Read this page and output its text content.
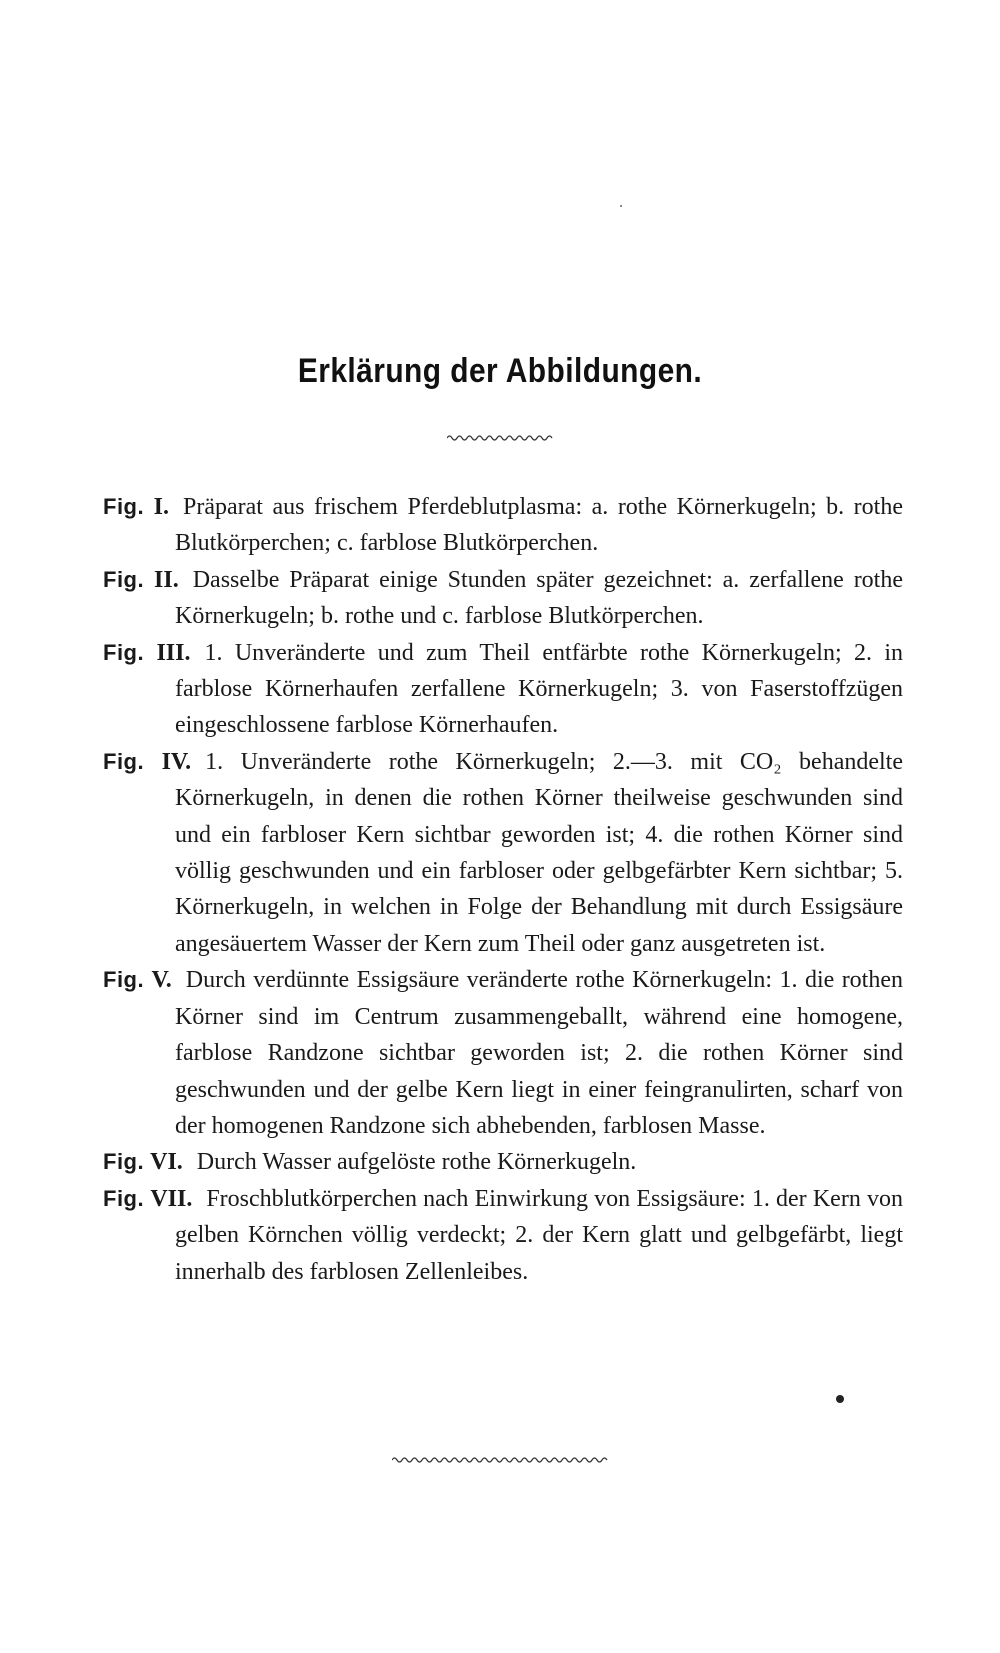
Erklärung der Abbildungen.

Fig. I. Präparat aus frischem Pferdeblutplasma: a. rothe Körnerkugeln; b. rothe Blutkörperchen; c. farblose Blutkörperchen.

Fig. II. Dasselbe Präparat einige Stunden später gezeichnet: a. zerfallene rothe Körnerkugeln; b. rothe und c. farblose Blutkörperchen.

Fig. III. 1. Unveränderte und zum Theil entfärbte rothe Körnerkugeln; 2. in farblose Körnerhaufen zerfallene Körnerkugeln; 3. von Faserstoffzügen eingeschlossene farblose Körnerhaufen.

Fig. IV. 1. Unveränderte rothe Körnerkugeln; 2.—3. mit CO₂ behandelte Körnerkugeln, in denen die rothen Körner theilweise geschwunden sind und ein farbloser Kern sichtbar geworden ist; 4. die rothen Körner sind völlig geschwunden und ein farbloser oder gelbgefärbter Kern sichtbar; 5. Körnerkugeln, in welchen in Folge der Behandlung mit durch Essigsäure angesäuertem Wasser der Kern zum Theil oder ganz ausgetreten ist.

Fig. V. Durch verdünnte Essigsäure veränderte rothe Körnerkugeln: 1. die rothen Körner sind im Centrum zusammengeballt, während eine homogene, farblose Randzone sichtbar geworden ist; 2. die rothen Körner sind geschwunden und der gelbe Kern liegt in einer feingranulirten, scharf von der homogenen Randzone sich abhebenden, farblosen Masse.

Fig. VI. Durch Wasser aufgelöste rothe Körnerkugeln.

Fig. VII. Froschblutkörperchen nach Einwirkung von Essigsäure: 1. der Kern von gelben Körnchen völlig verdeckt; 2. der Kern glatt und gelbgefärbt, liegt innerhalb des farblosen Zellenleibes.
